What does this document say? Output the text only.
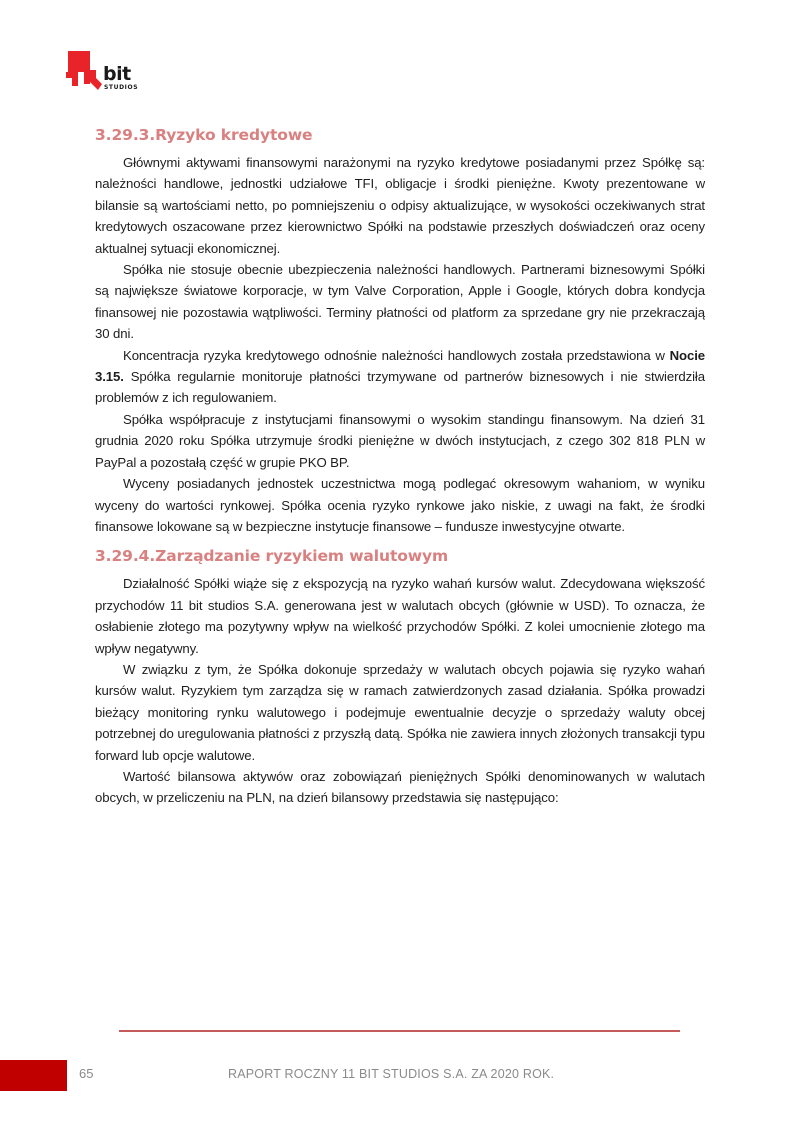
bit
STUDIOS
3.29.3.Ryzyko kredytowe

Głównymi aktywami finansowymi narażonymi na ryzyko kredytowe posiadanymi przez Spółkę są: należności handlowe, jednostki udziałowe TFI, obligacje i środki pieniężne. Kwoty prezentowane w bilansie są wartościami netto, po pomniejszeniu o odpisy aktualizujące, w wysokości oczekiwanych strat kredytowych oszacowane przez kierownictwo Spółki na podstawie przeszłych doświadczeń oraz oceny aktualnej sytuacji ekonomicznej.

Spółka nie stosuje obecnie ubezpieczenia należności handlowych. Partnerami biznesowymi Spółki są największe światowe korporacje, w tym Valve Corporation, Apple i Google, których dobra kondycja finansowej nie pozostawia wątpliwości. Terminy płatności od platform za sprzedane gry nie przekraczają 30 dni.

Koncentracja ryzyka kredytowego odnośnie należności handlowych została przedstawiona w Nocie 3.15. Spółka regularnie monitoruje płatności trzymywane od partnerów biznesowych i nie stwierdziła problemów z ich regulowaniem.

Spółka współpracuje z instytucjami finansowymi o wysokim standingu finansowym. Na dzień 31 grudnia 2020 roku Spółka utrzymuje środki pieniężne w dwóch instytucjach, z czego 302 818 PLN w PayPal a pozostałą część w grupie PKO BP.

Wyceny posiadanych jednostek uczestnictwa mogą podlegać okresowym wahaniom, w wyniku wyceny do wartości rynkowej. Spółka ocenia ryzyko rynkowe jako niskie, z uwagi na fakt, że środki finansowe lokowane są w bezpieczne instytucje finansowe – fundusze inwestycyjne otwarte.

3.29.4.Zarządzanie ryzykiem walutowym

Działalność Spółki wiąże się z ekspozycją na ryzyko wahań kursów walut. Zdecydowana większość przychodów 11 bit studios S.A. generowana jest w walutach obcych (głównie w USD). To oznacza, że osłabienie złotego ma pozytywny wpływ na wielkość przychodów Spółki. Z kolei umocnienie złotego ma wpływ negatywny.

W związku z tym, że Spółka dokonuje sprzedaży w walutach obcych pojawia się ryzyko wahań kursów walut. Ryzykiem tym zarządza się w ramach zatwierdzonych zasad działania. Spółka prowadzi bieżący monitoring rynku walutowego i podejmuje ewentualnie decyzje o sprzedaży waluty obcej potrzebnej do uregulowania płatności z przyszłą datą. Spółka nie zawiera innych złożonych transakcji typu forward lub opcje walutowe.

Wartość bilansowa aktywów oraz zobowiązań pieniężnych Spółki denominowanych w walutach obcych, w przeliczeniu na PLN, na dzień bilansowy przedstawia się następująco:

65	RAPORT ROCZNY 11 BIT STUDIOS S.A. ZA 2020 ROK.
